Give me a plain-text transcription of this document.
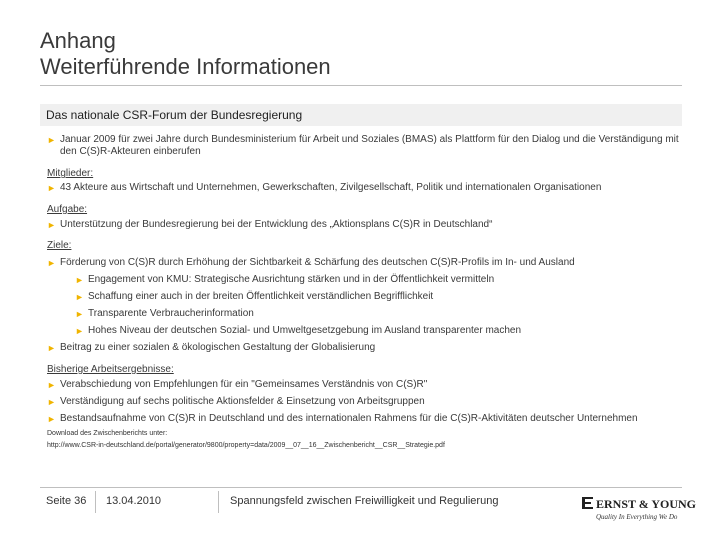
Anhang
Weiterführende Informationen
Das nationale CSR-Forum der Bundesregierung
► Januar 2009 für zwei Jahre durch Bundesministerium für Arbeit und Soziales (BMAS) als Plattform für den Dialog und die Verständigung mit den C(S)R-Akteuren einberufen
Mitglieder:
► 43 Akteure aus Wirtschaft und Unternehmen, Gewerkschaften, Zivilgesellschaft, Politik und internationalen Organisationen
Aufgabe:
► Unterstützung der Bundesregierung bei der Entwicklung des „Aktionsplans C(S)R in Deutschland“
Ziele:
► Förderung von C(S)R durch Erhöhung der Sichtbarkeit & Schärfung des deutschen C(S)R-Profils im In- und Ausland
► Engagement von KMU: Strategische Ausrichtung stärken und in der Öffentlichkeit vermitteln
► Schaffung einer auch in der breiten Öffentlichkeit verständlichen Begrifflichkeit
► Transparente Verbraucherinformation
► Hohes Niveau der deutschen Sozial- und Umweltgesetzgebung im Ausland transparenter machen
► Beitrag zu einer sozialen & ökologischen Gestaltung der Globalisierung
Bisherige Arbeitsergebnisse:
► Verabschiedung von Empfehlungen für ein "Gemeinsames Verständnis von C(S)R"
► Verständigung auf sechs politische Aktionsfelder & Einsetzung von Arbeitsgruppen
► Bestandsaufnahme von C(S)R in Deutschland und des internationalen Rahmens für die C(S)R-Aktivitäten deutscher Unternehmen
Download des Zwischenberichts unter:
http://www.CSR-in-deutschland.de/portal/generator/9800/property=data/2009__07__16__Zwischenbericht__CSR__Strategie.pdf
Seite 36 13.04.2010	Spannungsfeld zwischen Freiwilligkeit und Regulierung	ERNST & YOUNG
Quality In Everything We Do
